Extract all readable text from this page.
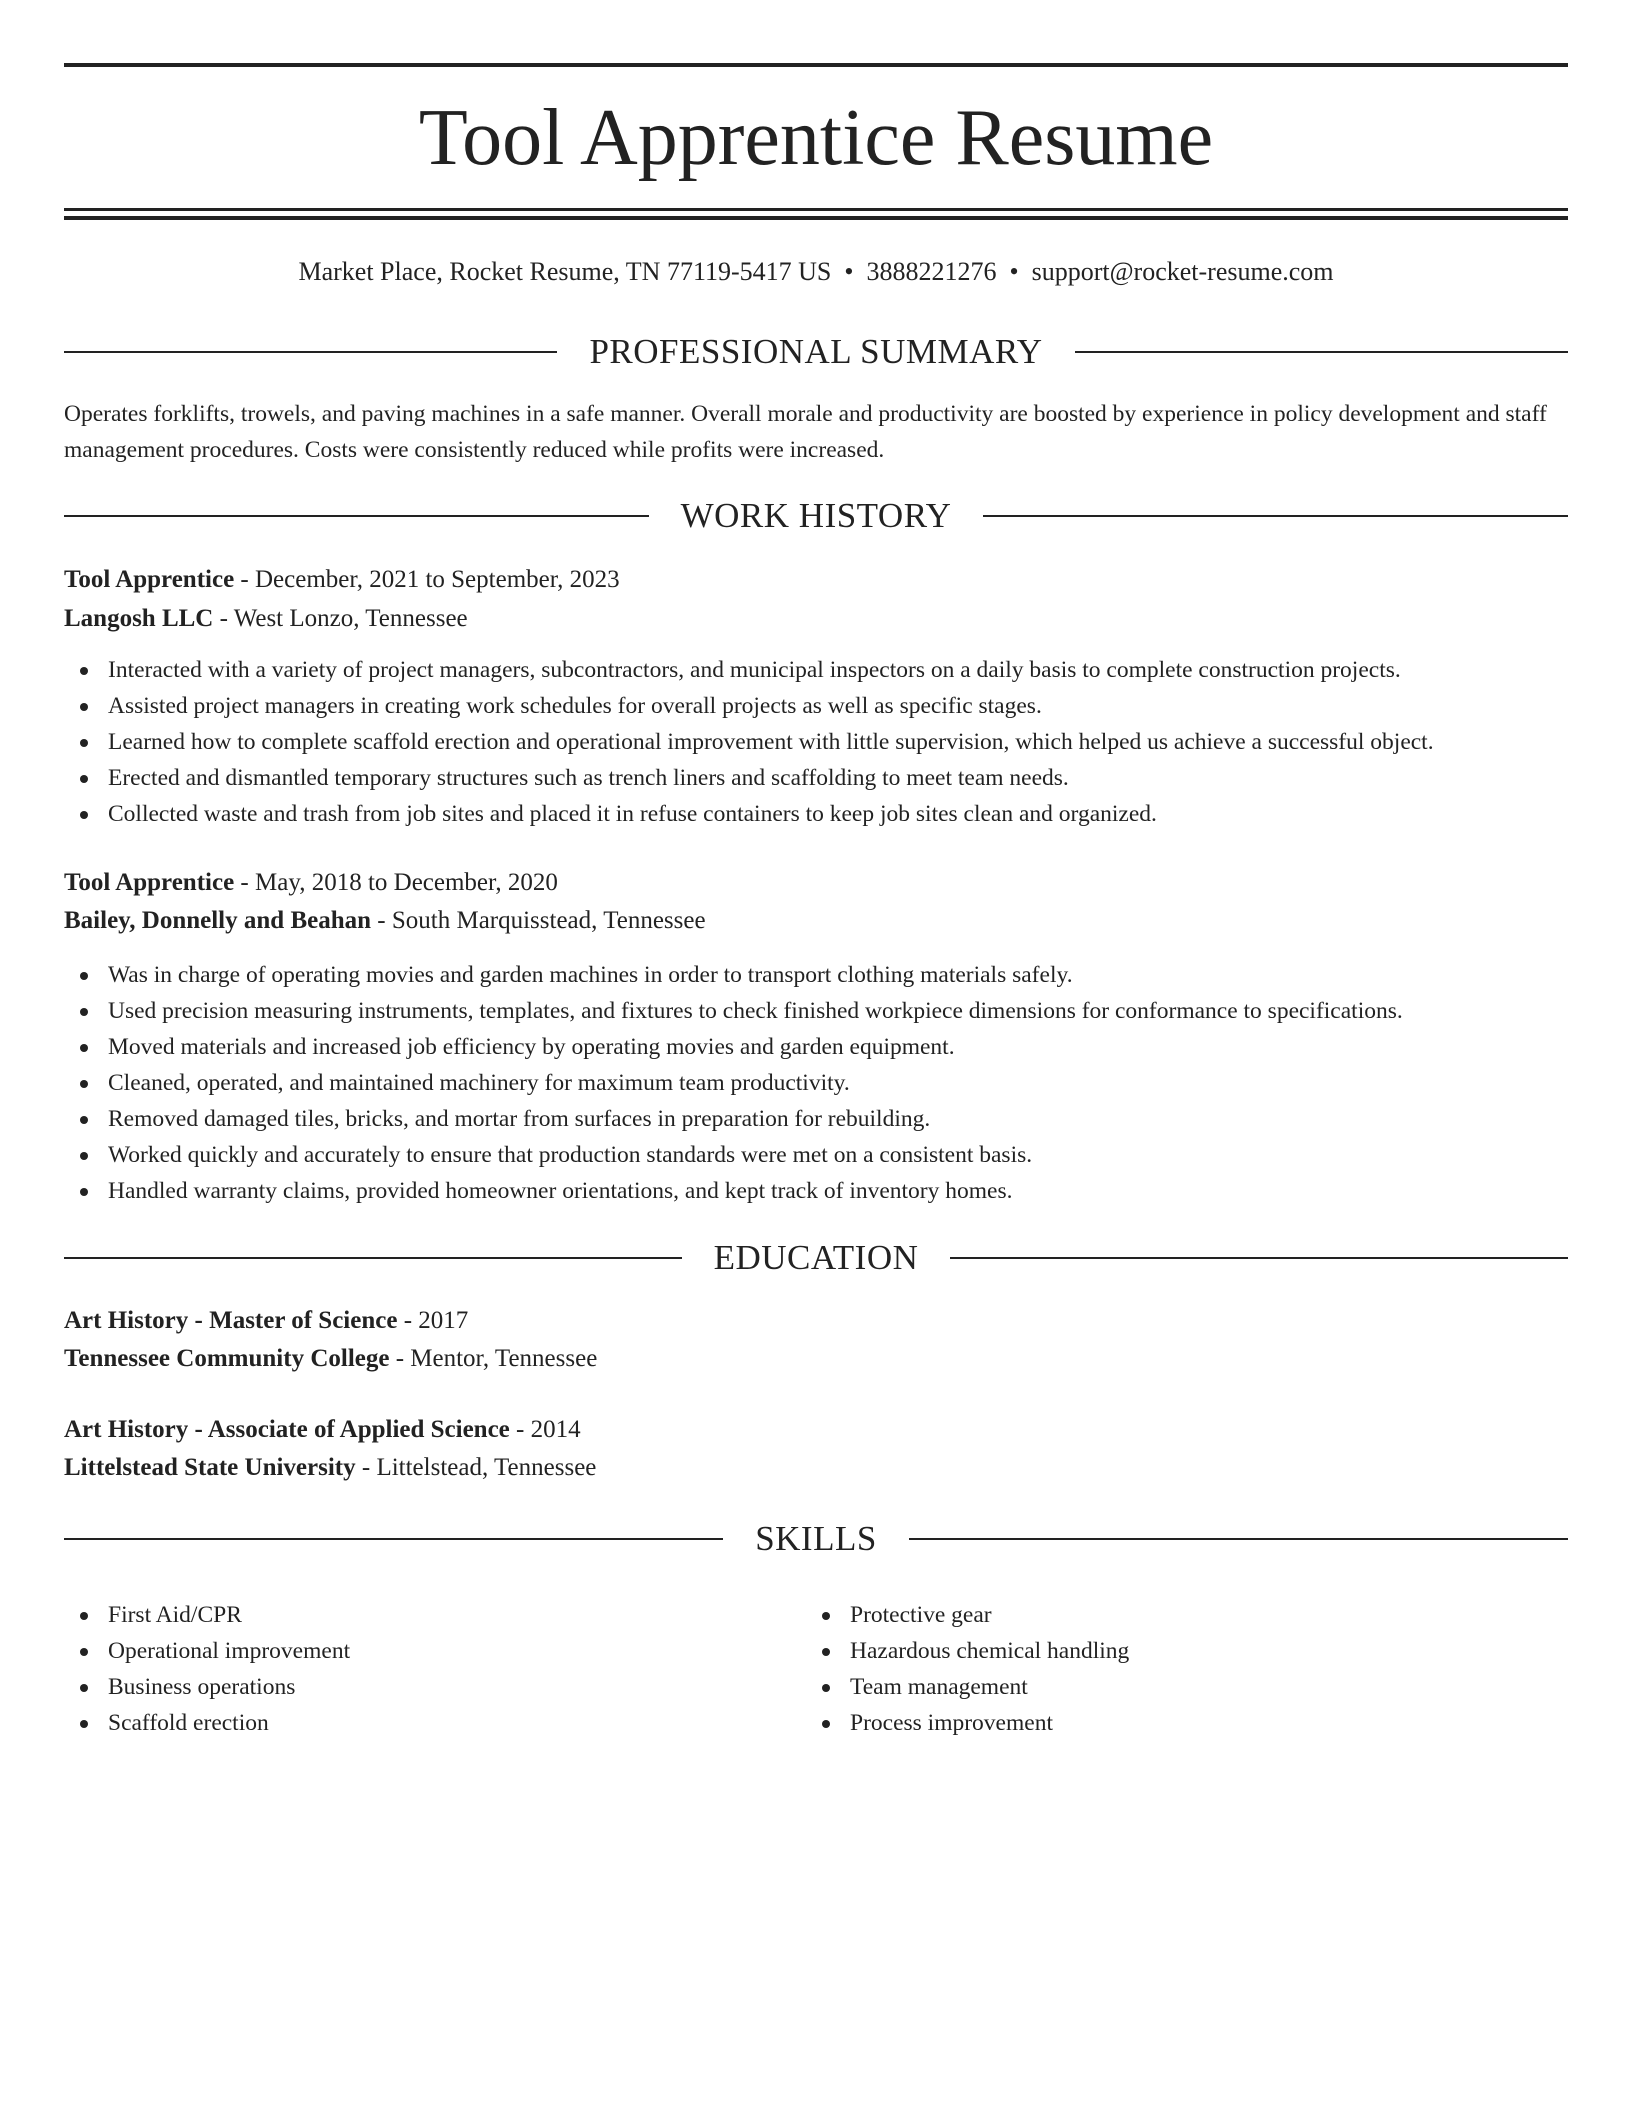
Tool Apprentice Resume
Market Place, Rocket Resume, TN 77119-5417 US • 3888221276 • support@rocket-resume.com
PROFESSIONAL SUMMARY

Operates forklifts, trowels, and paving machines in a safe manner. Overall morale and productivity are boosted by experience in policy development and staff management procedures. Costs were consistently reduced while profits were increased.

WORK HISTORY
Tool Apprentice - December, 2021 to September, 2023
Langosh LLC - West Lonzo, Tennessee
Interacted with a variety of project managers, subcontractors, and municipal inspectors on a daily basis to complete construction projects.
Assisted project managers in creating work schedules for overall projects as well as specific stages.
Learned how to complete scaffold erection and operational improvement with little supervision, which helped us achieve a successful object.
Erected and dismantled temporary structures such as trench liners and scaffolding to meet team needs.
Collected waste and trash from job sites and placed it in refuse containers to keep job sites clean and organized.
Tool Apprentice - May, 2018 to December, 2020
Bailey, Donnelly and Beahan - South Marquisstead, Tennessee
Was in charge of operating movies and garden machines in order to transport clothing materials safely.
Used precision measuring instruments, templates, and fixtures to check finished workpiece dimensions for conformance to specifications.
Moved materials and increased job efficiency by operating movies and garden equipment.
Cleaned, operated, and maintained machinery for maximum team productivity.
Removed damaged tiles, bricks, and mortar from surfaces in preparation for rebuilding.
Worked quickly and accurately to ensure that production standards were met on a consistent basis.
Handled warranty claims, provided homeowner orientations, and kept track of inventory homes.
EDUCATION
Art History - Master of Science - 2017
Tennessee Community College - Mentor, Tennessee
Art History - Associate of Applied Science - 2014
Littelstead State University - Littelstead, Tennessee
SKILLS
First Aid/CPR
Operational improvement
Business operations
Scaffold erection
Protective gear
Hazardous chemical handling
Team management
Process improvement
